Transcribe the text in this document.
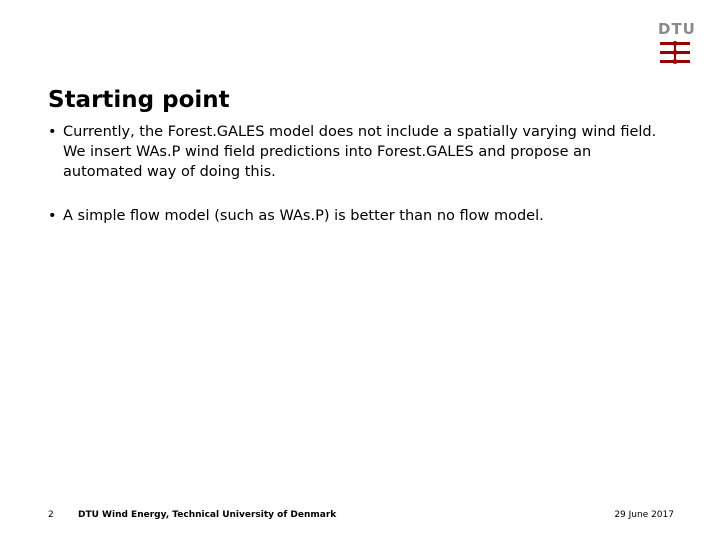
DTU
Starting point
• Currently, the Forest.GALES model does not include a spatially varying wind field. We insert WAs.P wind field predictions into Forest.GALES and propose an automated way of doing this.
• A simple flow model (such as WAs.P) is better than no flow model.
2	DTU Wind Energy, Technical University of Denmark	29 June 2017
